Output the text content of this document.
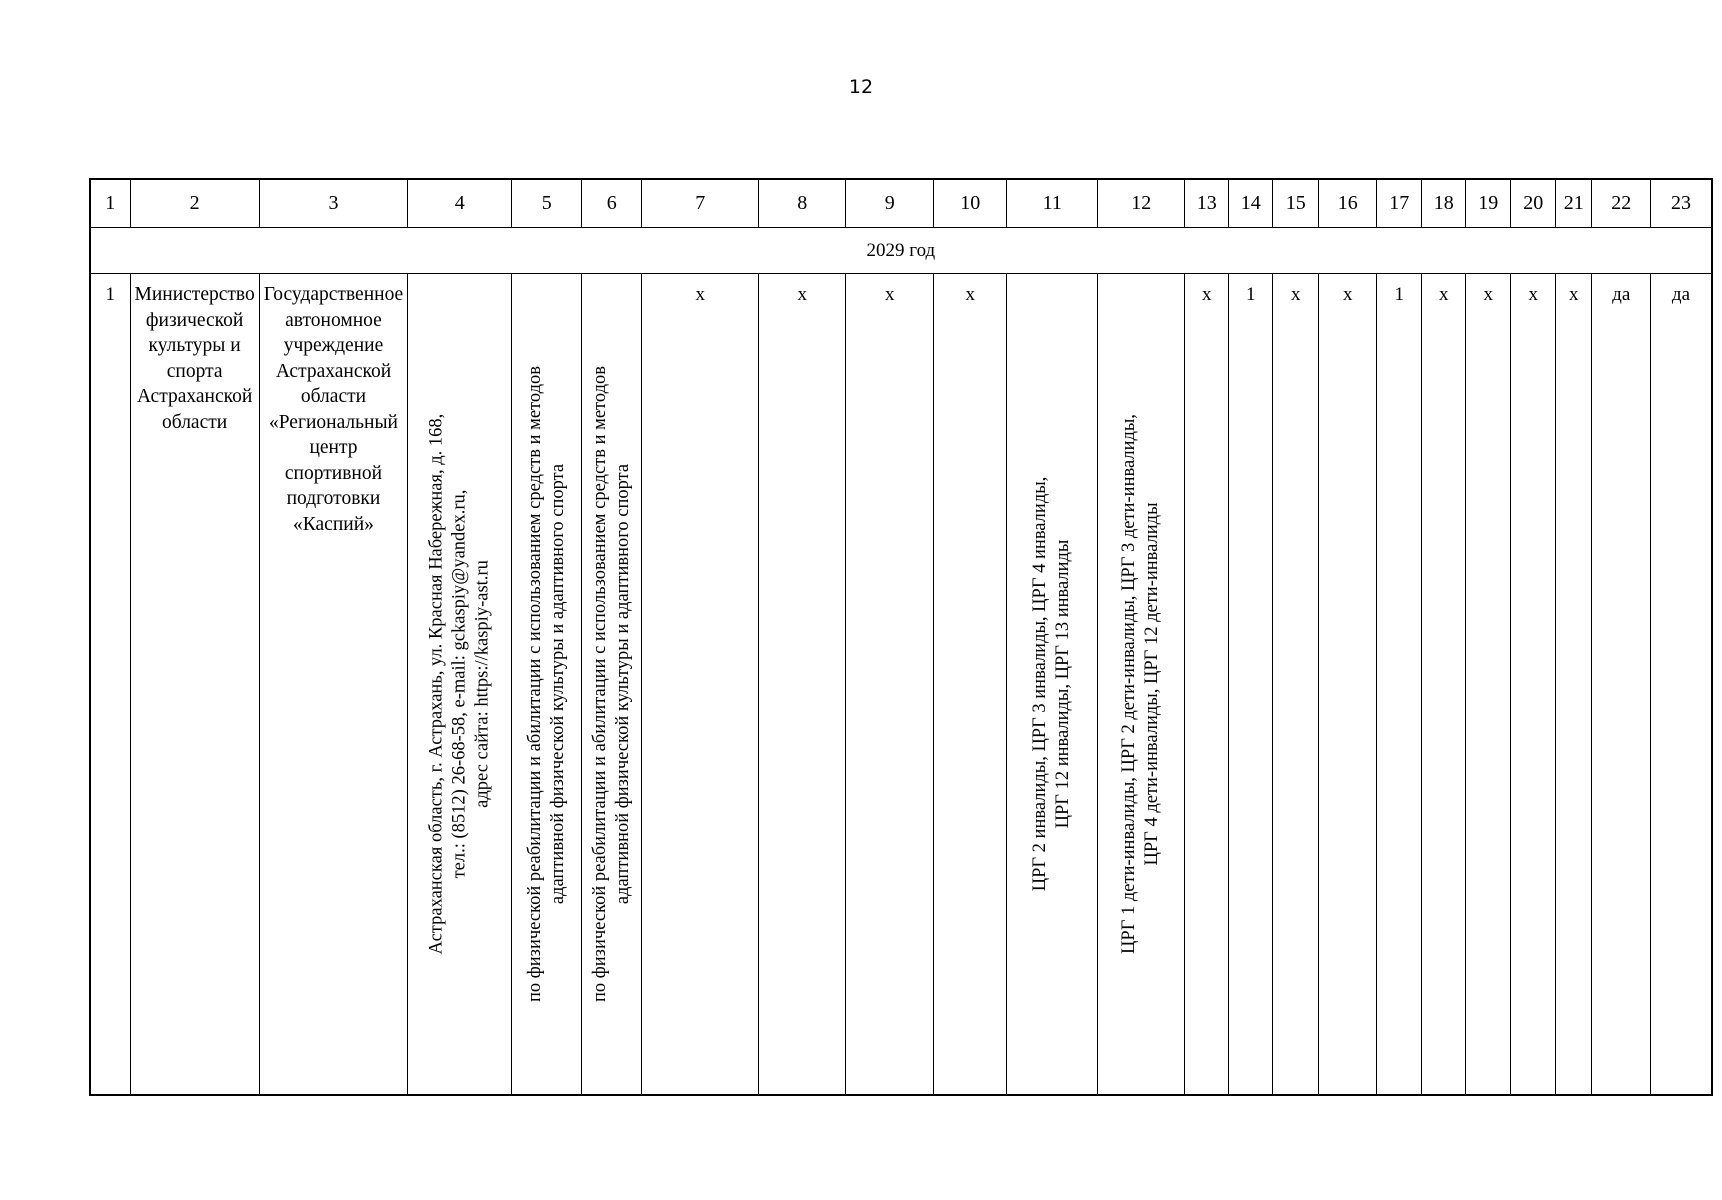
12
1	2	3	4	5	6	7	8	9	10	11	12	13	14	15	16	17	18	19	20	21	22	23
2029 год																						

1	Министерство физической культуры и спорта Астраханской области	Государственное автономное учреждение Астраханской области «Региональный центр спортивной подготовки «Каспий»	Астраханская область, г. Астрахань, ул. Красная Набережная, д. 168, тел.: (8512) 26-68-58, e-mail: gckaspiy@yandex.ru, адрес сайта: https://kaspiy-ast.ru	по физической реабилитации и абилитации с использованием средств и методов адаптивной физической культуры и адаптивного спорта	по физической реабилитации и абилитации с использованием средств и методов адаптивной физической культуры и адаптивного спорта	х	х	х	х	ЦРГ 2 инвалиды, ЦРГ 3 инвалиды, ЦРГ 4 инвалиды, ЦРГ 12 инвалиды, ЦРГ 13 инвалиды	ЦРГ 1 дети-инвалиды, ЦРГ 2 дети-инвалиды, ЦРГ 3 дети-инвалиды, ЦРГ 4 дети-инвалиды, ЦРГ 12 дети-инвалиды	х	1	х	х	1	х	х	х	х	да	да
